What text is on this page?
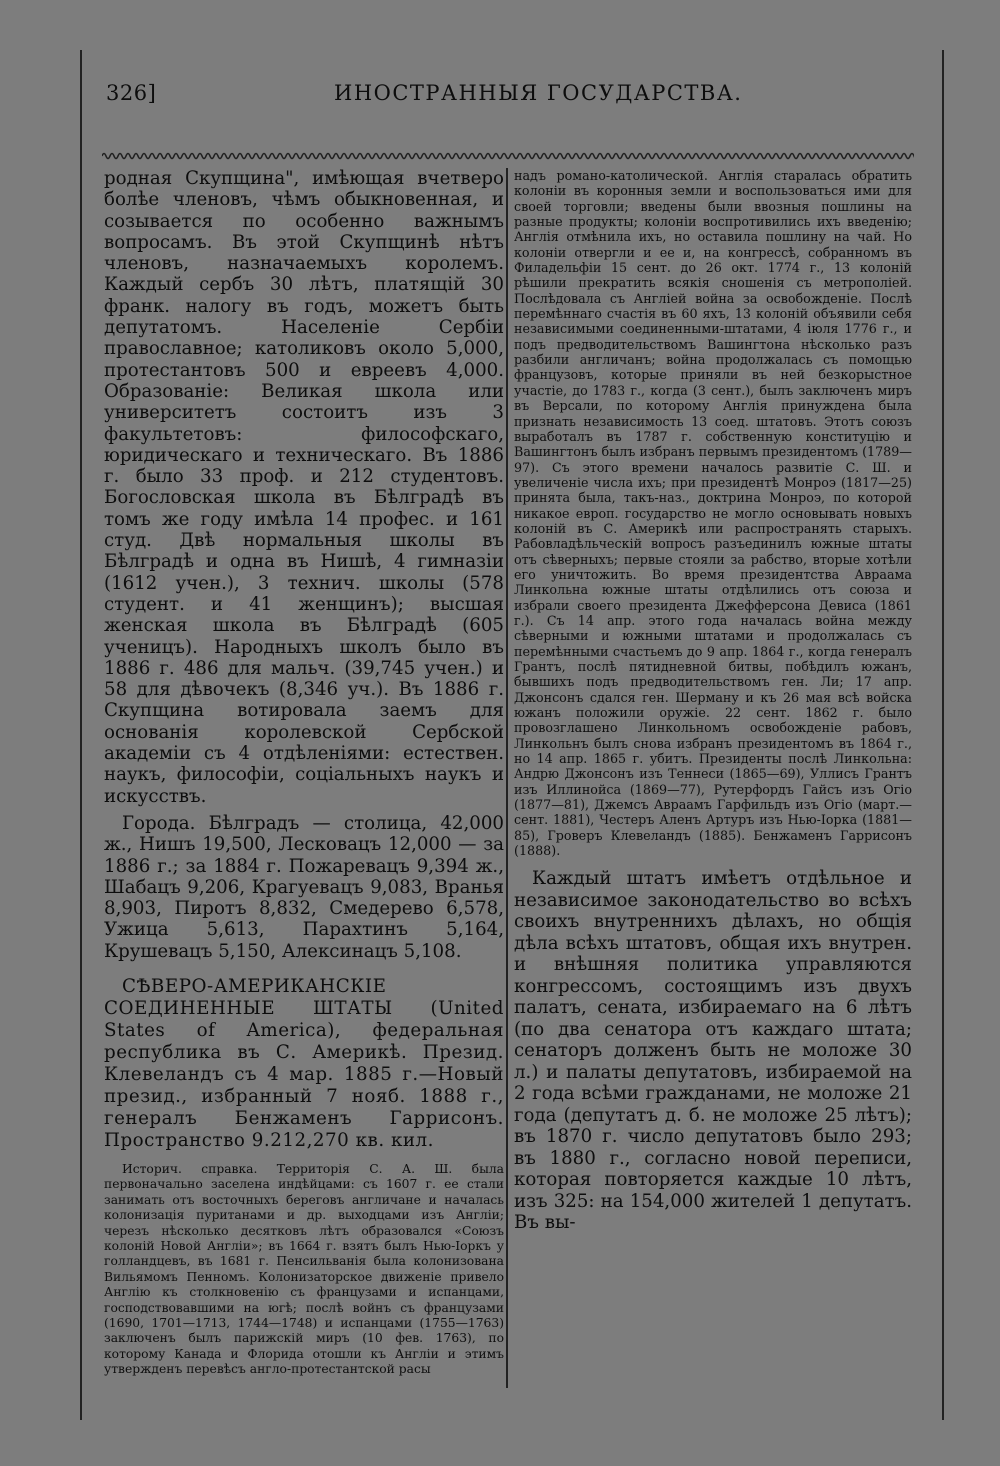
326]	ИНОСТРАННЫЯ ГОСУДАРСТВА.

родная Скупщина", имѣющая вчетверо болѣе членовъ, чѣмъ обыкновенная, и созывается по особенно важнымъ вопросамъ. Въ этой Скупщинѣ нѣтъ членовъ, назначаемыхъ королемъ. Каждый сербъ 30 лѣтъ, платящій 30 франк. налогу въ годъ, можетъ быть депутатомъ. Населеніе Сербіи православное; католиковъ около 5,000, протестантовъ 500 и евреевъ 4,000. Образованіе: Великая школа или университетъ состоитъ изъ 3 факультетовъ: философскаго, юридическаго и техническаго. Въ 1886 г. было 33 проф. и 212 студентовъ. Богословская школа въ Бѣлградѣ въ томъ же году имѣла 14 профес. и 161 студ. Двѣ нормальныя школы въ Бѣлградѣ и одна въ Нишѣ, 4 гимназіи (1612 учен.), 3 технич. школы (578 студент. и 41 женщинъ); высшая женская школа въ Бѣлградѣ (605 ученицъ). Народныхъ школъ было въ 1886 г. 486 для мальч. (39,745 учен.) и 58 для дѣвочекъ (8,346 уч.). Въ 1886 г. Скупщина вотировала заемъ для основанія королевской Сербской академіи съ 4 отдѣленіями: естествен. наукъ, философіи, соціальныхъ наукъ и искусствъ.

Города. Бѣлградъ — столица, 42,000 ж., Нишъ 19,500, Лесковацъ 12,000 — за 1886 г.; за 1884 г. Пожаревацъ 9,394 ж., Шабацъ 9,206, Крагуевацъ 9,083, Вранья 8,903, Пиротъ 8,832, Смедерево 6,578, Ужица 5,613, Парахтинъ 5,164, Крушевацъ 5,150, Алексинацъ 5,108.

СѢВЕРО-АМЕРИКАНСКІЕ СОЕДИНЕННЫЕ ШТАТЫ (United States of America), федеральная республика въ С. Америкѣ. Презид. Клевеландъ съ 4 мар. 1885 г.—Новый презид., избранный 7 нояб. 1888 г., генералъ Бенжаменъ Гаррисонъ. Пространство 9.212,270 кв. кил.

Историч. справка. Территорія С. А. Ш. была первоначально заселена индѣйцами: съ 1607 г. ее стали занимать отъ восточныхъ береговъ англичане и началась колонизація пуританами и др. выходцами изъ Англіи; черезъ нѣсколько десятковъ лѣтъ образовался «Союзъ колоній Новой Англіи»; въ 1664 г. взятъ былъ Нью-Іоркъ у голландцевъ, въ 1681 г. Пенсильванія была колонизована Вильямомъ Пенномъ. Колонизаторское движеніе привело Англію къ столкновенію съ французами и испанцами, господствовавшими на югѣ; послѣ войнъ съ французами (1690, 1701—1713, 1744—1748) и испанцами (1755—1763) заключенъ былъ парижскій миръ (10 фев. 1763), по которому Канада и Флорида отошли къ Англіи и этимъ утвержденъ перевѣсъ англо-протестантской расы

надъ романо-католической. Англія старалась обратить колоніи въ коронныя земли и воспользоваться ими для своей торговли; введены были ввозныя пошлины на разные продукты; колоніи воспротивились ихъ введенію; Англія отмѣнила ихъ, но оставила пошлину на чай. Но колоніи отвергли и ее и, на конгрессѣ, собранномъ въ Филадельфіи 15 сент. до 26 окт. 1774 г., 13 колоній рѣшили прекратить всякія сношенія съ метрополіей. Послѣдовала съ Англіей война за освобожденіе. Послѣ перемѣннаго счастія въ 60 яхъ, 13 колоній объявили себя независимыми соединенными-штатами, 4 іюля 1776 г., и подъ предводительствомъ Вашингтона нѣсколько разъ разбили англичанъ; война продолжалась съ помощью французовъ, которые приняли въ ней безкорыстное участіе, до 1783 г., когда (3 сент.), былъ заключенъ миръ въ Версали, по которому Англія принуждена была признать независимость 13 соед. штатовъ. Этотъ союзъ выработалъ въ 1787 г. собственную конституцію и Вашингтонъ былъ избранъ первымъ президентомъ (1789—97). Съ этого времени началось развитіе С. Ш. и увеличеніе числа ихъ; при президентѣ Монроэ (1817—25) принята была, такъ-наз., доктрина Монроэ, по которой никакое европ. государство не могло основывать новыхъ колоній въ С. Америкѣ или распространять старыхъ. Рабовладѣльческій вопросъ разъединилъ южные штаты отъ сѣверныхъ; первые стояли за рабство, вторые хотѣли его уничтожить. Во время президентства Авраама Линкольна южные штаты отдѣлились отъ союза и избрали своего президента Джефферсона Девиса (1861 г.). Съ 14 апр. этого года началась война между сѣверными и южными штатами и продолжалась съ перемѣнными счастьемъ до 9 апр. 1864 г., когда генералъ Грантъ, послѣ пятидневной битвы, побѣдилъ южанъ, бывшихъ подъ предводительствомъ ген. Ли; 17 апр. Джонсонъ сдался ген. Шерману и къ 26 мая всѣ войска южанъ положили оружіе. 22 сент. 1862 г. было провозглашено Линкольномъ освобожденіе рабовъ, Линкольнъ былъ снова избранъ президентомъ въ 1864 г., но 14 апр. 1865 г. убитъ. Президенты послѣ Линкольна: Андрю Джонсонъ изъ Теннеси (1865—69), Уллисъ Грантъ изъ Иллинойса (1869—77), Рутерфордъ Гайсъ изъ Огіо (1877—81), Джемсъ Авраамъ Гарфильдъ изъ Огіо (март.—сент. 1881), Честеръ Аленъ Артуръ изъ Нью-Іорка (1881—85), Гроверъ Клевеландъ (1885). Бенжаменъ Гаррисонъ (1888).

Каждый штатъ имѣетъ отдѣльное и независимое законодательство во всѣхъ своихъ внутреннихъ дѣлахъ, но общія дѣла всѣхъ штатовъ, общая ихъ внутрен. и внѣшняя политика управляются конгрессомъ, состоящимъ изъ двухъ палатъ, сената, избираемаго на 6 лѣтъ (по два сенатора отъ каждаго штата; сенаторъ долженъ быть не моложе 30 л.) и палаты депутатовъ, избираемой на 2 года всѣми гражданами, не моложе 21 года (депутатъ д. б. не моложе 25 лѣтъ); въ 1870 г. число депутатовъ было 293; въ 1880 г., согласно новой переписи, которая повторяется каждые 10 лѣтъ, изъ 325: на 154,000 жителей 1 депутатъ. Въ вы-
